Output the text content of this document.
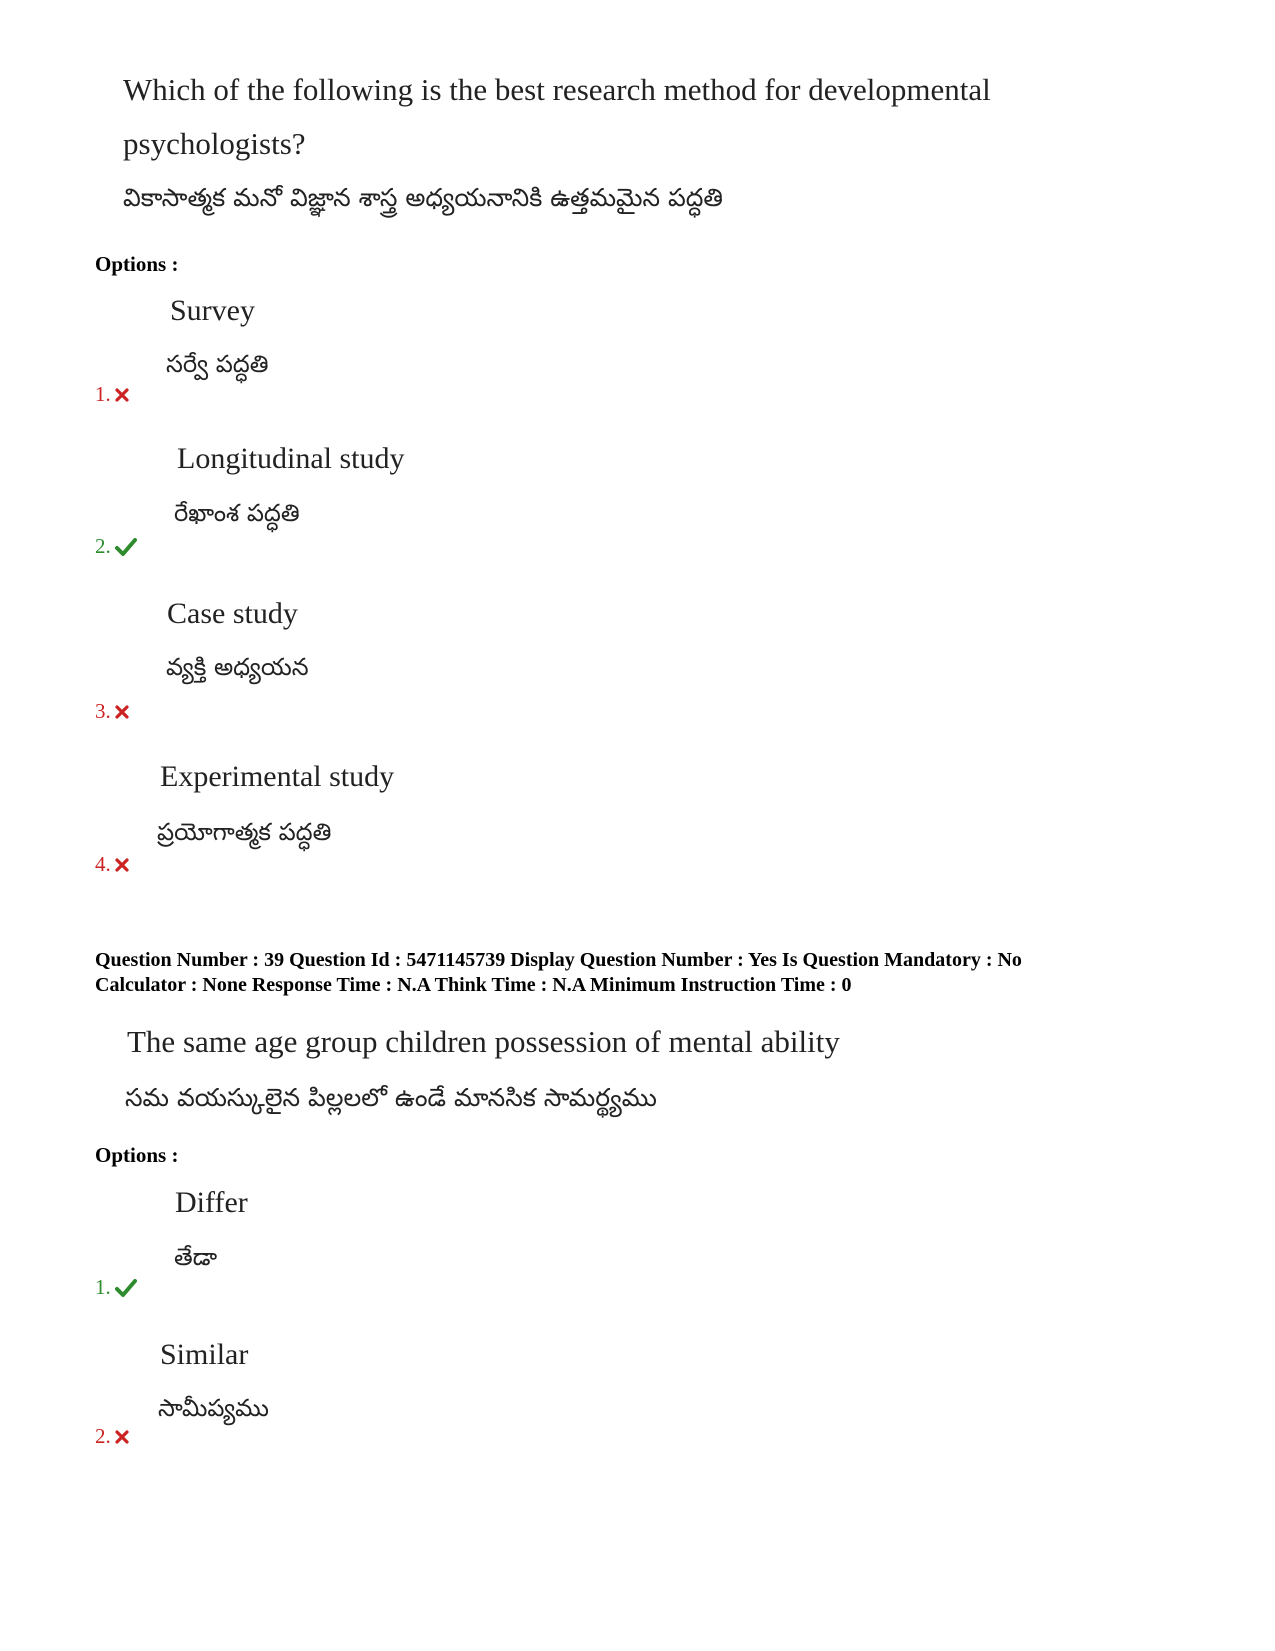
Which of the following is the best research method for developmental
psychologists?
వికాసాత్మక మనో విజ్ఞాన శాస్త్ర అధ్యయనానికి ఉత్తమమైన పద్ధతి
Options :
Survey
సర్వే పద్ధతి
1.
Longitudinal study
రేఖాంశ పద్ధతి
2.
Case study
వ్యక్తి అధ్యయన
3.
Experimental study
ప్రయోగాత్మక పద్ధతి
4.
Question Number : 39 Question Id : 5471145739 Display Question Number : Yes Is Question Mandatory : No
Calculator : None Response Time : N.A Think Time : N.A Minimum Instruction Time : 0
The same age group children possession of mental ability
సమ వయస్కులైన పిల్లలలో ఉండే మానసిక సామర్థ్యము
Options :
Differ
తేడా
1.
Similar
సామీప్యము
2.
